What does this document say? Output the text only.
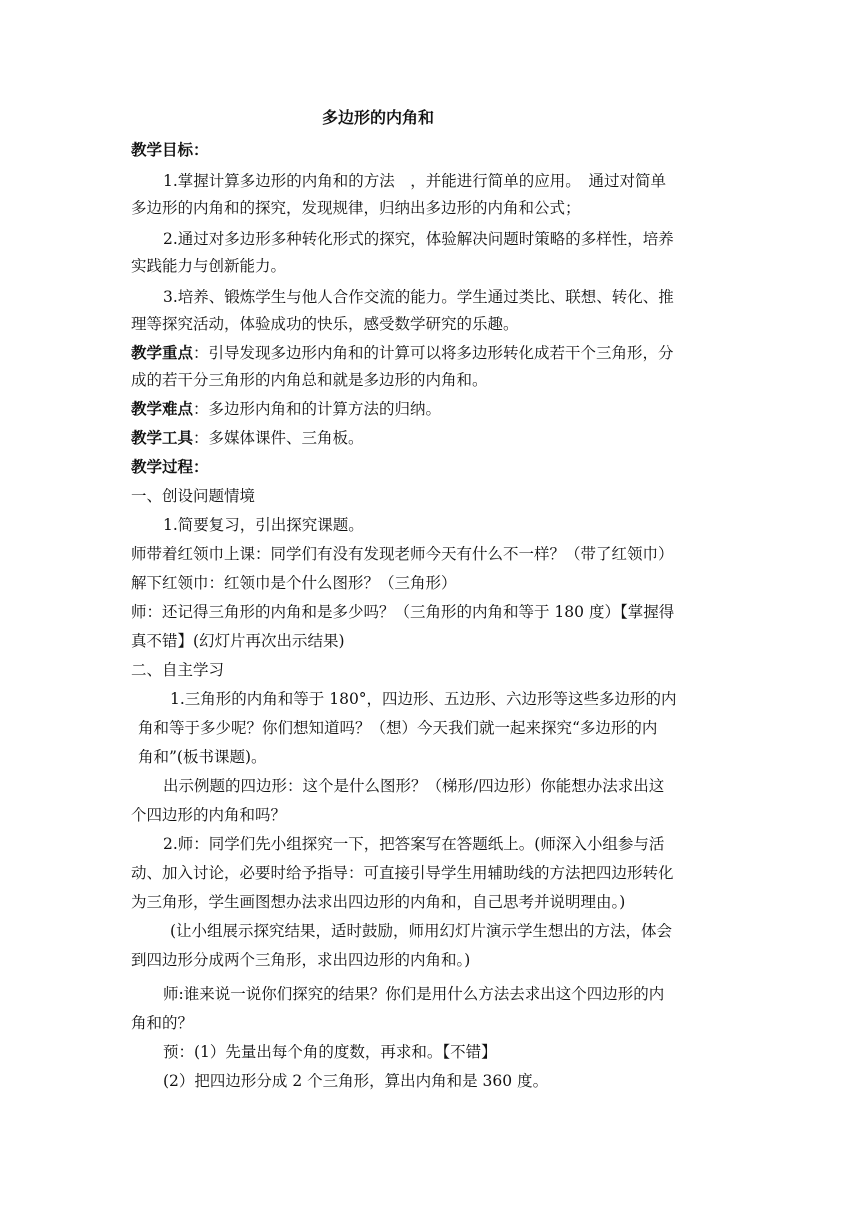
多边形的内角和
教学目标：
1.掌握计算多边形的内角和的方法　，并能进行简单的应用。　通过对简单
多边形的内角和的探究，发现规律，归纳出多边形的内角和公式；
2.通过对多边形多种转化形式的探究，体验解决问题时策略的多样性，培养
实践能力与创新能力。
3.培养、锻炼学生与他人合作交流的能力。学生通过类比、联想、转化、推
理等探究活动，体验成功的快乐，感受数学研究的乐趣。
教学重点：引导发现多边形内角和的计算可以将多边形转化成若干个三角形，分
成的若干分三角形的内角总和就是多边形的内角和。
教学难点：多边形内角和的计算方法的归纳。
教学工具：多媒体课件、三角板。
教学过程：
一、创设问题情境
1.简要复习，引出探究课题。
师带着红领巾上课：同学们有没有发现老师今天有什么不一样？（带了红领巾）
解下红领巾：红领巾是个什么图形？（三角形）
师：还记得三角形的内角和是多少吗？（三角形的内角和等于 180 度）【掌握得
真不错】(幻灯片再次出示结果)
二、自主学习
1.三角形的内角和等于 180°，四边形、五边形、六边形等这些多边形的内
角和等于多少呢？你们想知道吗？（想）今天我们就一起来探究“多边形的内
角和”(板书课题)。
出示例题的四边形：这个是什么图形？（梯形/四边形）你能想办法求出这
个四边形的内角和吗？
2.师：同学们先小组探究一下，把答案写在答题纸上。(师深入小组参与活
动、加入讨论，必要时给予指导：可直接引导学生用辅助线的方法把四边形转化
为三角形，学生画图想办法求出四边形的内角和，自己思考并说明理由。)
(让小组展示探究结果，适时鼓励，师用幻灯片演示学生想出的方法，体会
到四边形分成两个三角形，求出四边形的内角和。)
师:谁来说一说你们探究的结果？你们是用什么方法去求出这个四边形的内
角和的？
预：(1）先量出每个角的度数，再求和。【不错】
(2）把四边形分成 2 个三角形，算出内角和是 360 度。
